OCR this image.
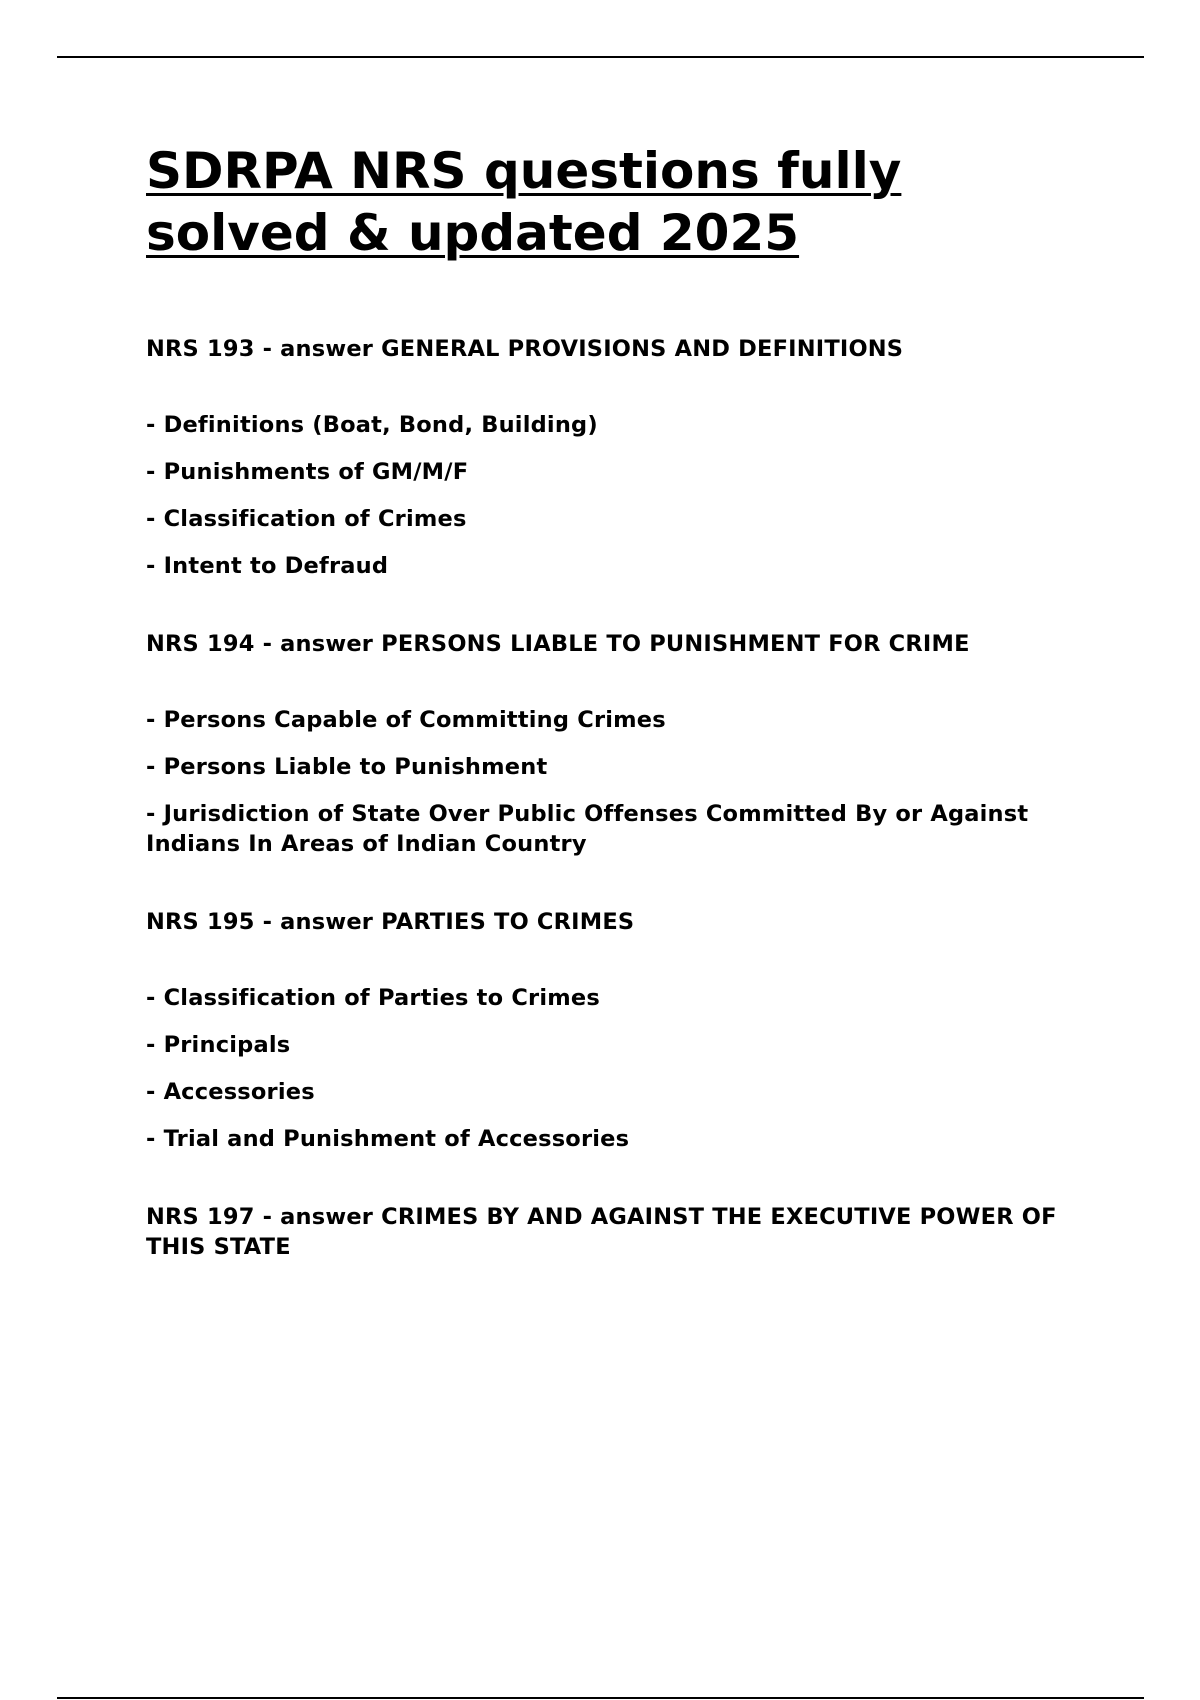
SDRPA NRS questions fully
solved & updated 2025

NRS 193 - answer GENERAL PROVISIONS AND DEFINITIONS

- Definitions (Boat, Bond, Building)
- Punishments of GM/M/F
- Classification of Crimes
- Intent to Defraud

NRS 194 - answer PERSONS LIABLE TO PUNISHMENT FOR CRIME

- Persons Capable of Committing Crimes
- Persons Liable to Punishment
- Jurisdiction of State Over Public Offenses Committed By or Against Indians In Areas of Indian Country

NRS 195 - answer PARTIES TO CRIMES

- Classification of Parties to Crimes
- Principals
- Accessories
- Trial and Punishment of Accessories

NRS 197 - answer CRIMES BY AND AGAINST THE EXECUTIVE POWER OF THIS STATE
